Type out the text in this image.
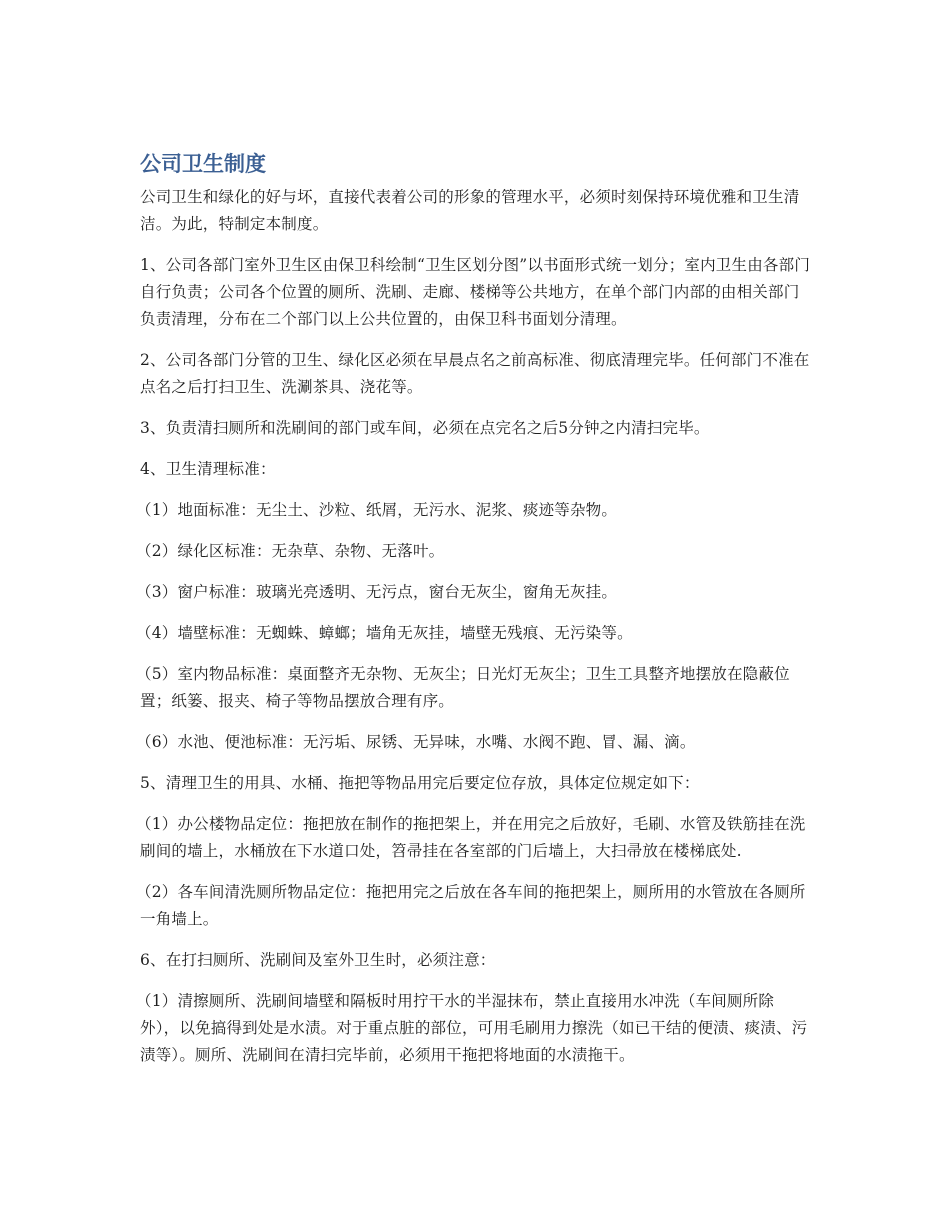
公司卫生制度

公司卫生和绿化的好与坏，直接代表着公司的形象的管理水平，必须时刻保持环境优雅和卫生清洁。为此，特制定本制度。

1、公司各部门室外卫生区由保卫科绘制“卫生区划分图”以书面形式统一划分；室内卫生由各部门自行负责；公司各个位置的厕所、洗刷、走廊、楼梯等公共地方，在单个部门内部的由相关部门负责清理，分布在二个部门以上公共位置的，由保卫科书面划分清理。

2、公司各部门分管的卫生、绿化区必须在早晨点名之前高标准、彻底清理完毕。任何部门不准在点名之后打扫卫生、洗涮茶具、浇花等。

3、负责清扫厕所和洗刷间的部门或车间，必须在点完名之后5分钟之内清扫完毕。

4、卫生清理标准：

（1）地面标准：无尘土、沙粒、纸屑，无污水、泥浆、痰迹等杂物。

（2）绿化区标准：无杂草、杂物、无落叶。

（3）窗户标准：玻璃光亮透明、无污点，窗台无灰尘，窗角无灰挂。

（4）墙壁标准：无蜘蛛、蟑螂；墙角无灰挂，墙壁无残痕、无污染等。

（5）室内物品标准：桌面整齐无杂物、无灰尘；日光灯无灰尘；卫生工具整齐地摆放在隐蔽位置；纸篓、报夹、椅子等物品摆放合理有序。

（6）水池、便池标准：无污垢、尿锈、无异味，水嘴、水阀不跑、冒、漏、滴。

5、清理卫生的用具、水桶、拖把等物品用完后要定位存放，具体定位规定如下：

（1）办公楼物品定位：拖把放在制作的拖把架上，并在用完之后放好，毛刷、水管及铁筋挂在洗刷间的墙上，水桶放在下水道口处，笤帚挂在各室部的门后墙上，大扫帚放在楼梯底处.

（2）各车间清洗厕所物品定位：拖把用完之后放在各车间的拖把架上，厕所用的水管放在各厕所一角墙上。

6、在打扫厕所、洗刷间及室外卫生时，必须注意：

（1）清擦厕所、洗刷间墙壁和隔板时用拧干水的半湿抹布，禁止直接用水冲洗（车间厕所除外），以免搞得到处是水渍。对于重点脏的部位，可用毛刷用力擦洗（如已干结的便渍、痰渍、污渍等）。厕所、洗刷间在清扫完毕前，必须用干拖把将地面的水渍拖干。
